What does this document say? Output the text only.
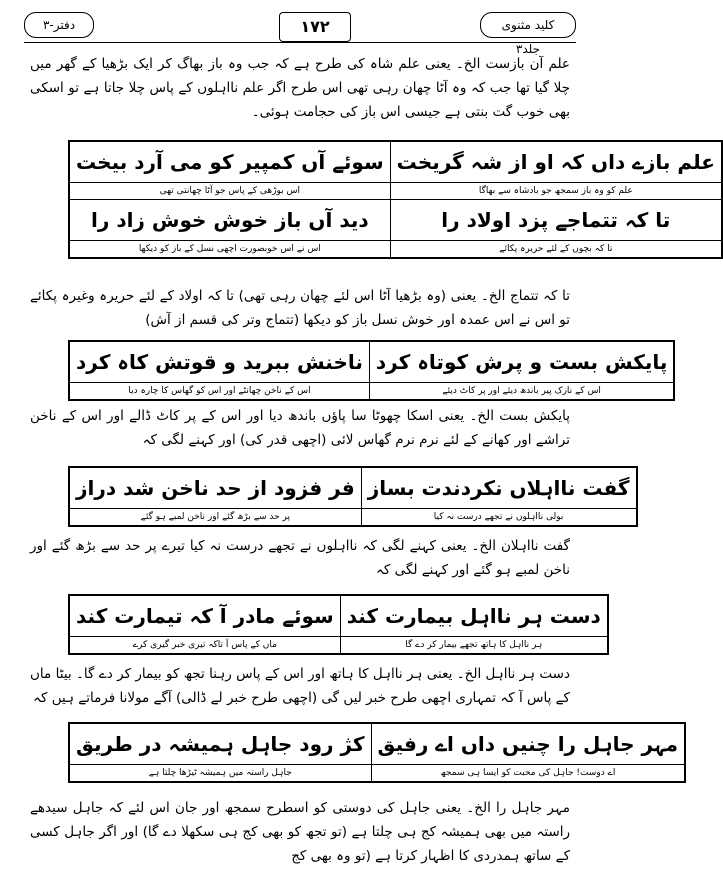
کلید مثنوی جلد۳
۱۷۲
دفتر-۳
علم آن بازست الخ۔ یعنی علم شاہ کی طرح ہے کہ جب وہ باز بھاگ کر ایک بڑھیا کے گھر میں چلا گیا تھا جب کہ وہ آٹا چھان رہی تھی اس طرح اگر علم نااہلوں کے پاس چلا جاتا ہے تو اسکی بھی خوب گت بنتی ہے جیسی اس باز کی حجامت ہوئی۔
علم بازے داں کہ او از شہ گریخت	سوئے آں کمپیر کو می آرد بیخت
علم کو وہ باز سمجھ جو بادشاہ سے بھاگا	اس بوڑھی کے پاس جو آٹا چھانتی تھی
تا کہ تتماجے پزد اولاد را	دید آں باز خوش خوش زاد را
تا کہ بچوں کے لئے حریرہ پکائے	اس نے اس خوبصورت اچھی نسل کے باز کو دیکھا
تا کہ تتماج الخ۔ یعنی (وہ بڑھیا آٹا اس لئے چھان رہی تھی) تا کہ اولاد کے لئے حریرہ وغیرہ پکائے تو اس نے اس عمدہ اور خوش نسل باز کو دیکھا (تتماج وتر کی قسم از آش)
پایکش بست و پرش کوتاہ کرد	ناخنش ببرید و قوتش کاہ کرد
اس کے نازک پیر باندھ دیئے اور پر کاٹ دیئے	اس کے ناخن چھانٹے اور اس کو گھاس کا چارہ دیا
پایکش بست الخ۔ یعنی اسکا چھوٹا سا پاؤں باندھ دیا اور اس کے پر کاٹ ڈالے اور اس کے ناخن تراشے اور کھانے کے لئے نرم نرم گھاس لائی (اچھی قدر کی) اور کہنے لگی کہ
گفت نااہلاں نکردندت بساز	فر فزود از حد ناخن شد دراز
بولی نااہلوں نے تجھے درست نہ کیا	پر حد سے بڑھ گئے اور ناخن لمبے ہو گئے
گفت نااہلان الخ۔ یعنی کہنے لگی کہ نااہلوں نے تجھے درست نہ کیا تیرے پر حد سے بڑھ گئے اور ناخن لمبے ہو گئے اور کہنے لگی کہ
دست ہر نااہل بیمارت کند	سوئے مادر آ کہ تیمارت کند
ہر نااہل کا ہاتھ تجھے بیمار کر دے گا	ماں کے پاس آ تاکہ تیری خبر گیری کرے
دست ہر نااہل الخ۔ یعنی ہر نااہل کا ہاتھ اور اس کے پاس رہنا تجھ کو بیمار کر دے گا۔ بیٹا ماں کے پاس آ کہ تمہاری اچھی طرح خبر لیں گی (اچھی طرح خبر لے ڈالی) آگے مولانا فرماتے ہیں کہ
مہر جاہل را چنیں داں اے رفیق	کژ رود جاہل ہمیشہ در طریق
اے دوست! جاہل کی محبت کو ایسا ہی سمجھ	جاہل راستہ میں ہمیشہ ٹیڑھا چلتا ہے
مہر جاہل را الخ۔ یعنی جاہل کی دوستی کو اسطرح سمجھ اور جان اس لئے کہ جاہل سیدھے راستہ میں بھی ہمیشہ کج ہی چلتا ہے (تو تجھ کو بھی کج ہی سکھلا دے گا) اور اگر جاہل کسی کے ساتھ ہمدردی کا اظہار کرتا ہے (تو وہ بھی کج
